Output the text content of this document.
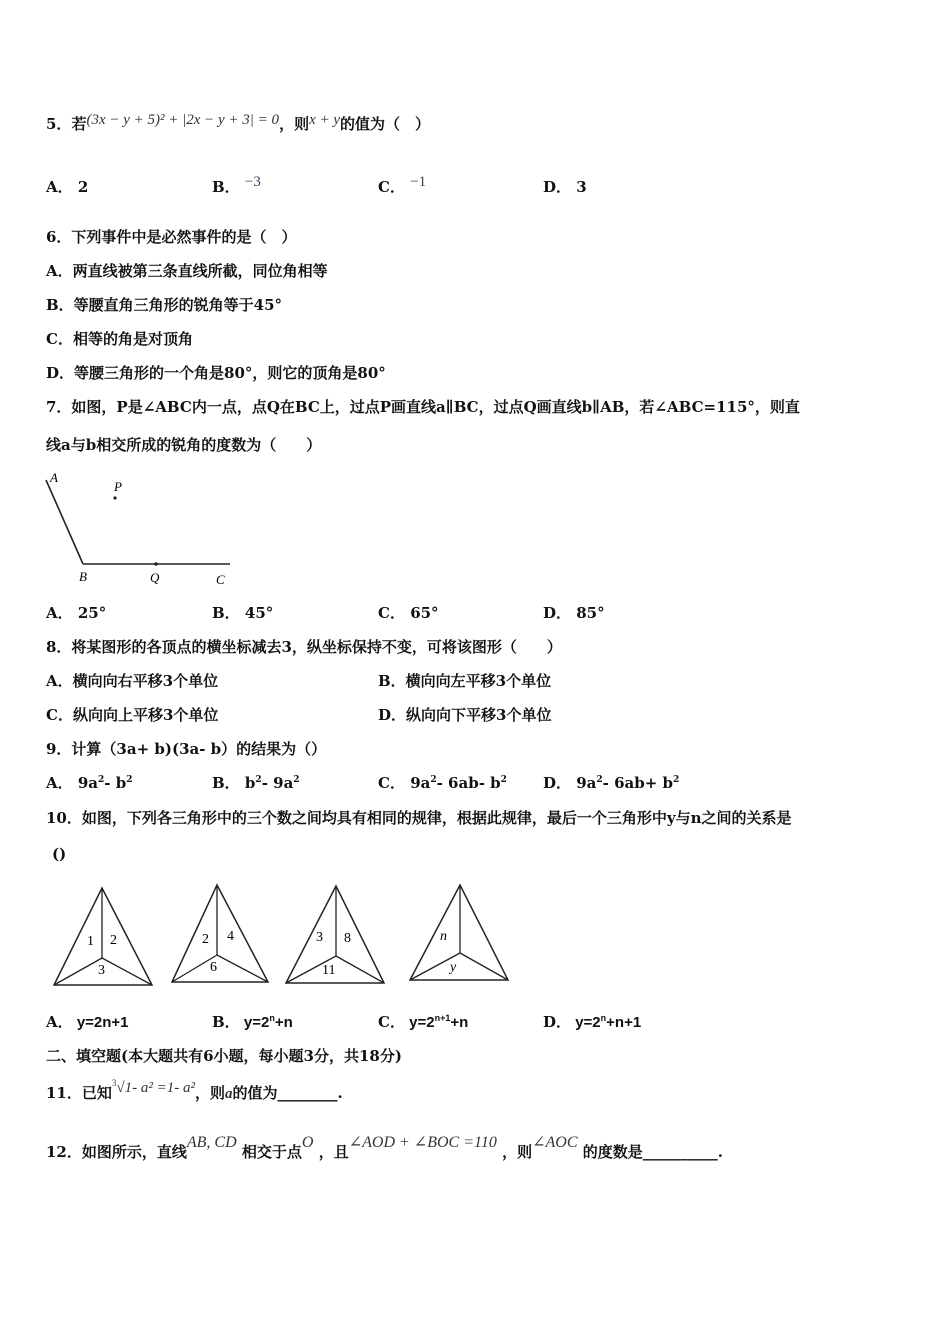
5．若(3x − y + 5)² + |2x − y + 3| = 0，则x + y的值为（　）
A． 2	B． −3	C． −1	D． 3
6．下列事件中是必然事件的是（　）
A．两直线被第三条直线所截，同位角相等
B．等腰直角三角形的锐角等于45°
C．相等的角是对顶角
D．等腰三角形的一个角是80°，则它的顶角是80°
7．如图，P是∠ABC内一点，点Q在BC上，过点P画直线a∥BC，过点Q画直线b∥AB，若∠ABC=115°，则直
线a与b相交所成的锐角的度数为（　　）
A
P
B	Q	C
A． 25°	B． 45°	C． 65°	D． 85°
8．将某图形的各顶点的横坐标减去3，纵坐标保持不变，可将该图形（　　）
A．横向向右平移3个单位	B．横向向左平移3个单位
C．纵向向上平移3个单位	D．纵向向下平移3个单位
9．计算（3a+ b)(3a- b）的结果为（）
A． $9a^2-$ $b^2$	B． $b^2-$ $9a^2$	C． $9a^2-$ 6ab- $b^2$ D． $9a^2-$ $6ab+ b^2$
10．如图，下列各三角形中的三个数之间均具有相同的规律，根据此规律，最后一个三角形中y与n之间的关系是
()
1 2
3
2 4
6
3 8
11
n
y
A． y=2n+1	B． $y=2^n+n$	C． $y=2^{n+1}+n$	D． $y=2^n+n+1$
二、填空题(本大题共有6小题，每小题3分，共18分)
11．已知$^3$√1- a² =1- a²，则a的值为________.
12．如图所示，直线AB, CD 相交于点O ，且∠AOD + ∠BOC =110 ，则∠AOC 的度数是__________.
